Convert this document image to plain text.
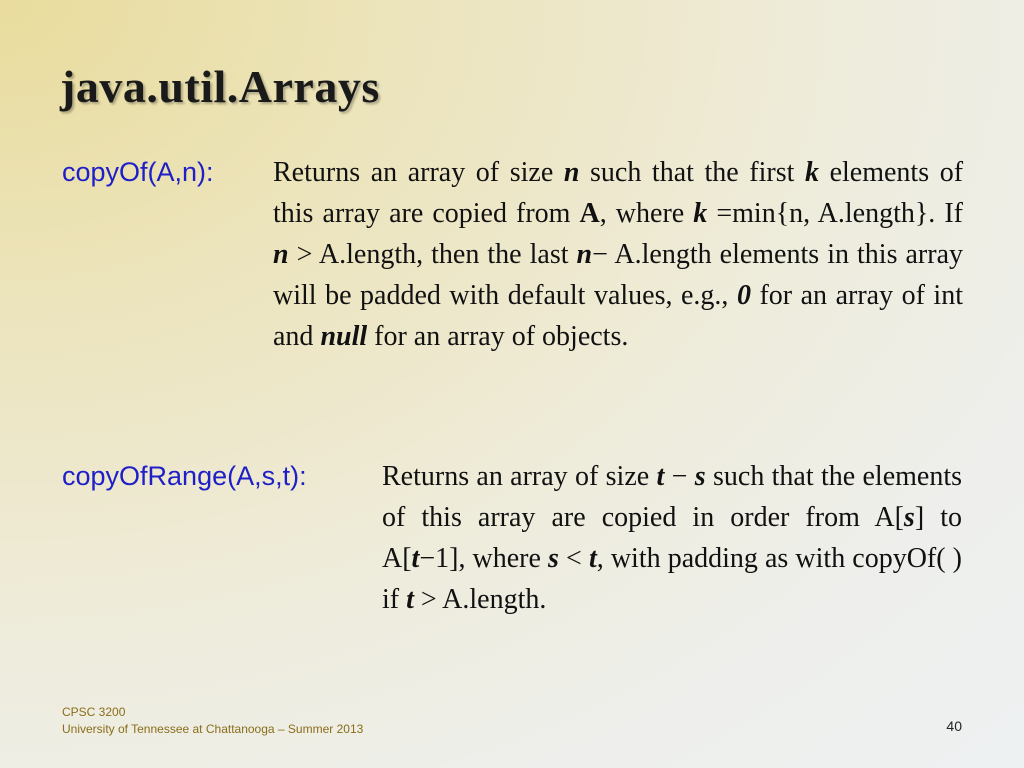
java.util.Arrays
copyOf(A,n): Returns an array of size n such that the first k elements of this array are copied from A, where k =min{n, A.length}. If n > A.length, then the last n− A.length elements in this array will be padded with default values, e.g., 0 for an array of int and null for an array of objects.

copyOfRange(A,s,t):	Returns an array of size t − s such that the elements of this array are copied in order from A[s] to A[t−1], where s < t, with padding as with copyOf( ) if t > A.length.

CPSC 3200
University of Tennessee at Chattanooga – Summer 2013	40
